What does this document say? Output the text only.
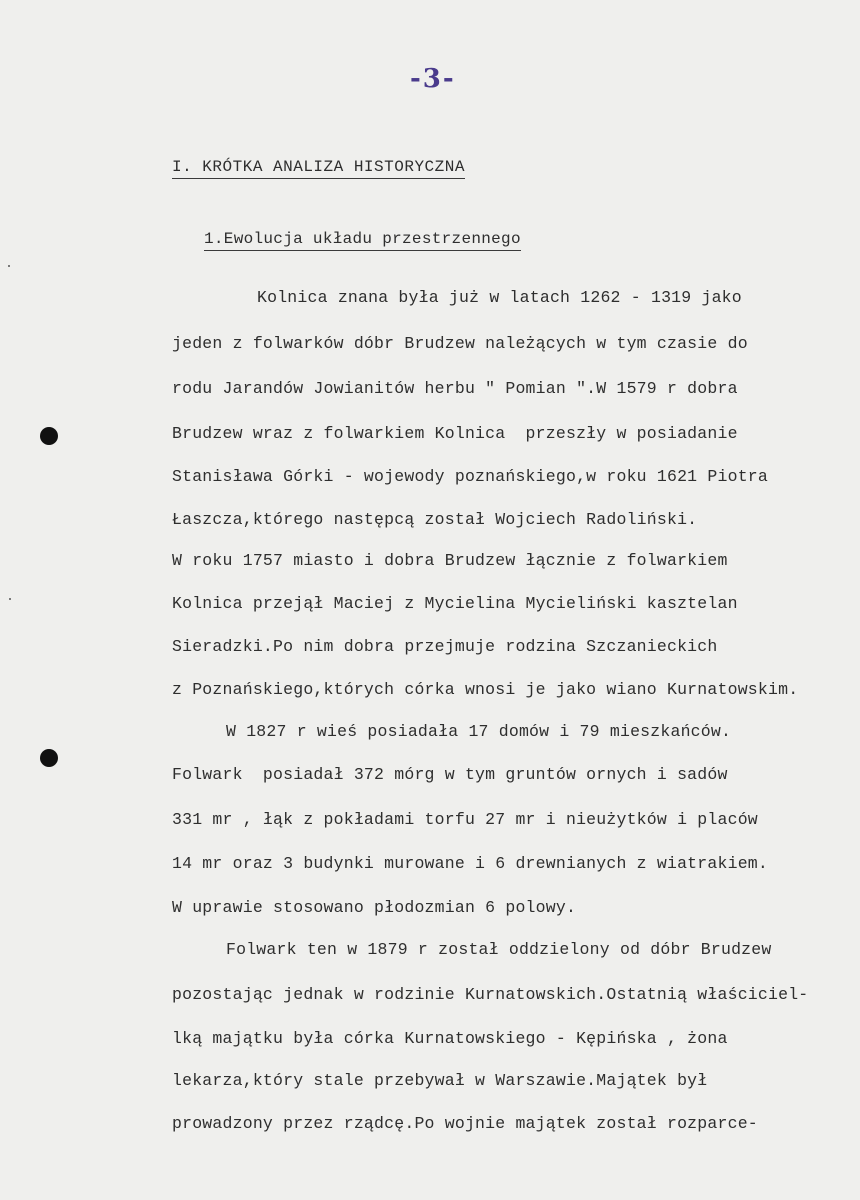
-3-
I. KRÓTKA ANALIZA HISTORYCZNA
1.Ewolucja układu przestrzennego
Kolnica znana była już w latach 1262 - 1319 jako
jeden z folwarków dóbr Brudzew należących w tym czasie do
rodu Jarandów Jowianitów herbu " Pomian ".W 1579 r dobra
Brudzew wraz z folwarkiem Kolnica  przeszły w posiadanie
Stanisława Górki - wojewody poznańskiego,w roku 1621 Piotra
Łaszcza,którego następcą został Wojciech Radoliński.
W roku 1757 miasto i dobra Brudzew łącznie z folwarkiem
Kolnica przejął Maciej z Mycielina Mycieliński kasztelan
Sieradzki.Po nim dobra przejmuje rodzina Szczanieckich
z Poznańskiego,których córka wnosi je jako wiano Kurnatowskim.
W 1827 r wieś posiadała 17 domów i 79 mieszkańców.
Folwark  posiadał 372 mórg w tym gruntów ornych i sadów
331 mr , łąk z pokładami torfu 27 mr i nieużytków i placów
14 mr oraz 3 budynki murowane i 6 drewnianych z wiatrakiem.
W uprawie stosowano płodozmian 6 polowy.
Folwark ten w 1879 r został oddzielony od dóbr Brudzew
pozostając jednak w rodzinie Kurnatowskich.Ostatnią właściciel-
lką majątku była córka Kurnatowskiego - Kępińska , żona
lekarza,który stale przebywał w Warszawie.Majątek był
prowadzony przez rządcę.Po wojnie majątek został rozparce-
